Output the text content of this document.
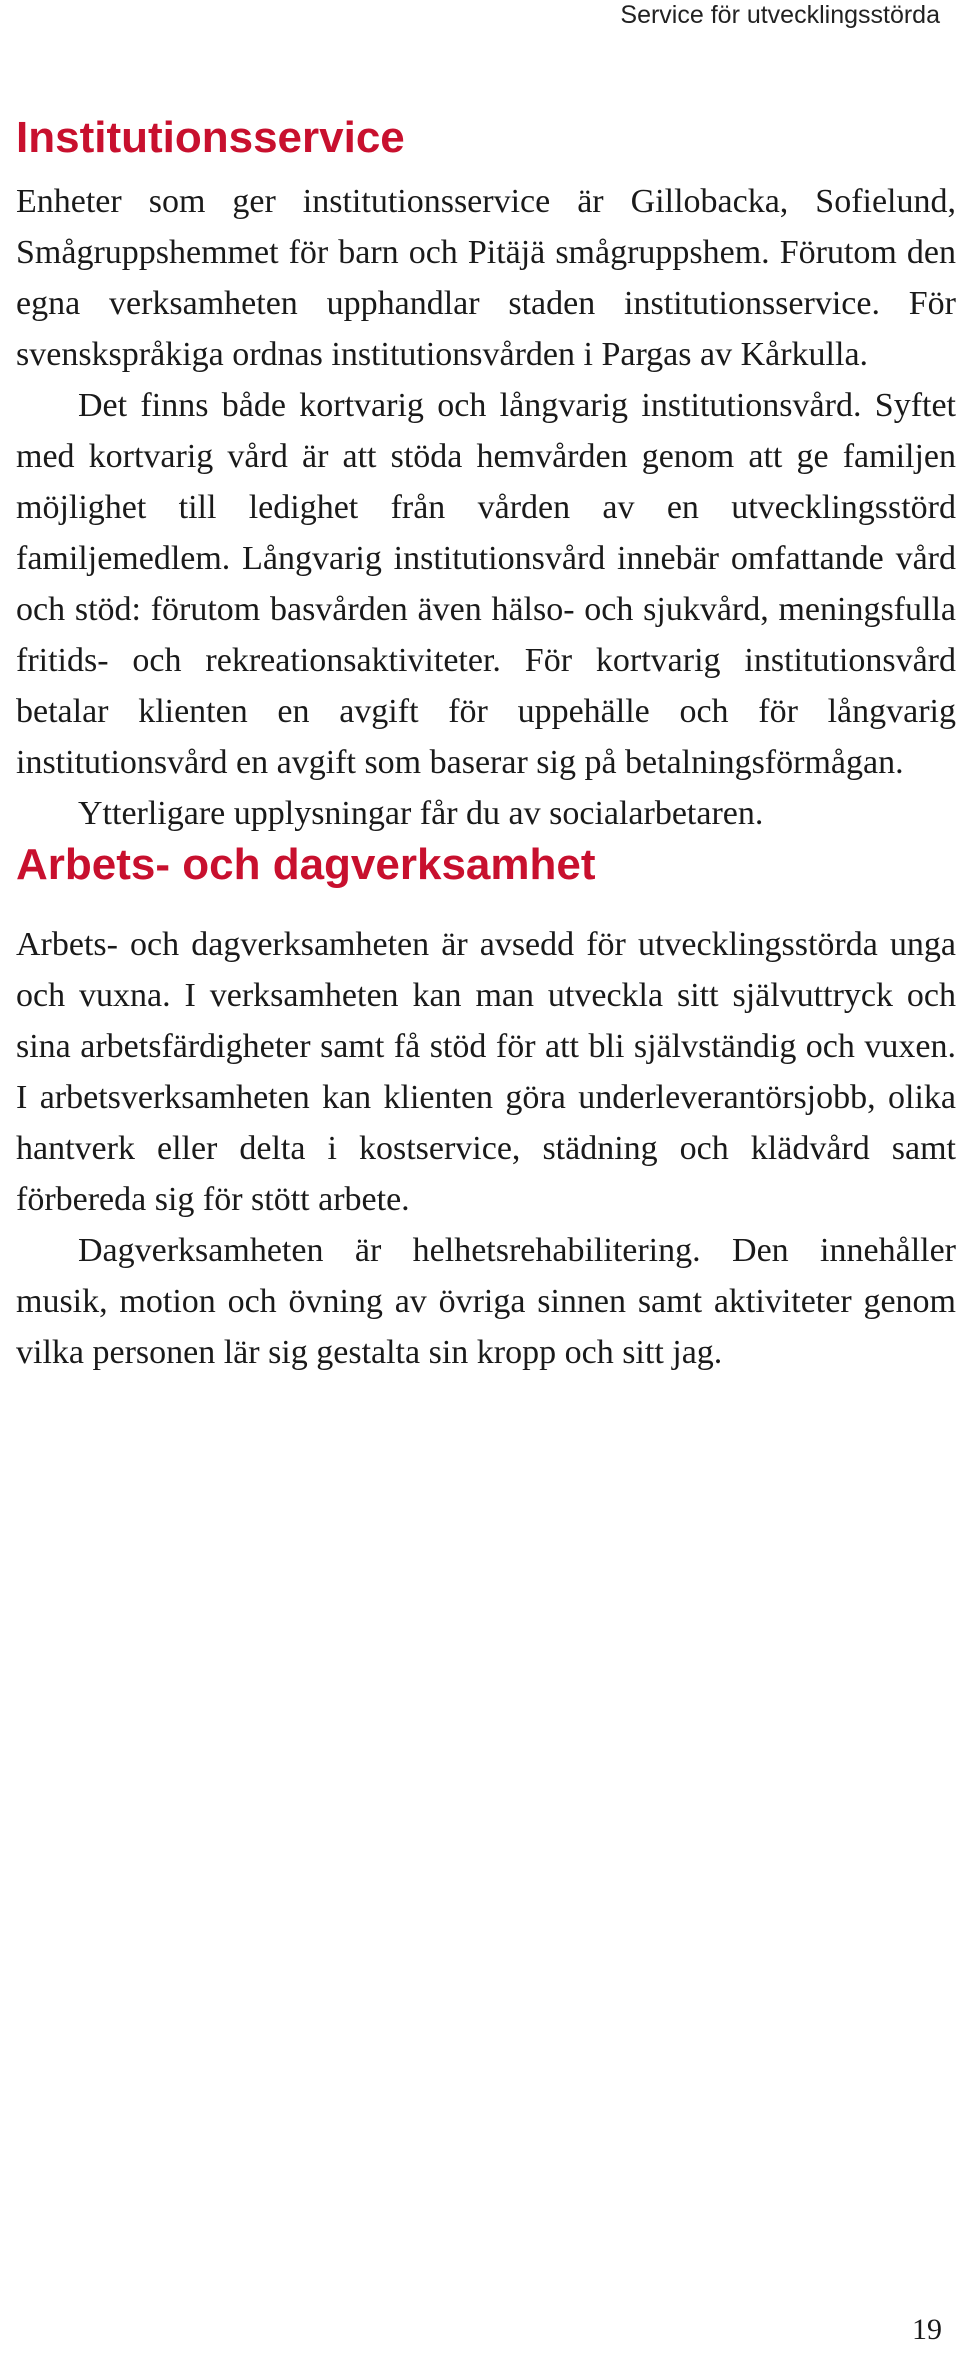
Service för utvecklingsstörda
Institutionsservice

Enheter som ger institutionsservice är Gillobacka, Sofielund, Smågruppshemmet för barn och Pitäjä smågruppshem. Förutom den egna verksamheten upphandlar staden institutionsservice. För svenskspråkiga ordnas institutionsvården i Pargas av Kårkulla.

Det finns både kortvarig och långvarig institutionsvård. Syftet med kortvarig vård är att stöda hemvården genom att ge familjen möjlighet till ledighet från vården av en utvecklingsstörd familjemedlem. Långvarig institutionsvård innebär omfattande vård och stöd: förutom basvården även hälso- och sjukvård, meningsfulla fritids- och rekreationsaktiviteter. För kortvarig institutionsvård betalar klienten en avgift för uppehälle och för långvarig institutionsvård en avgift som baserar sig på betalningsförmågan.

Ytterligare upplysningar får du av socialarbetaren.

Arbets- och dagverksamhet

Arbets- och dagverksamheten är avsedd för utvecklingsstörda unga och vuxna. I verksamheten kan man utveckla sitt självuttryck och sina arbetsfärdigheter samt få stöd för att bli självständig och vuxen. I arbetsverksamheten kan klienten göra underleverantörsjobb, olika hantverk eller delta i kostservice, städning och klädvård samt förbereda sig för stött arbete.

Dagverksamheten är helhetsrehabilitering. Den innehåller musik, motion och övning av övriga sinnen samt aktiviteter genom vilka personen lär sig gestalta sin kropp och sitt jag.

19
